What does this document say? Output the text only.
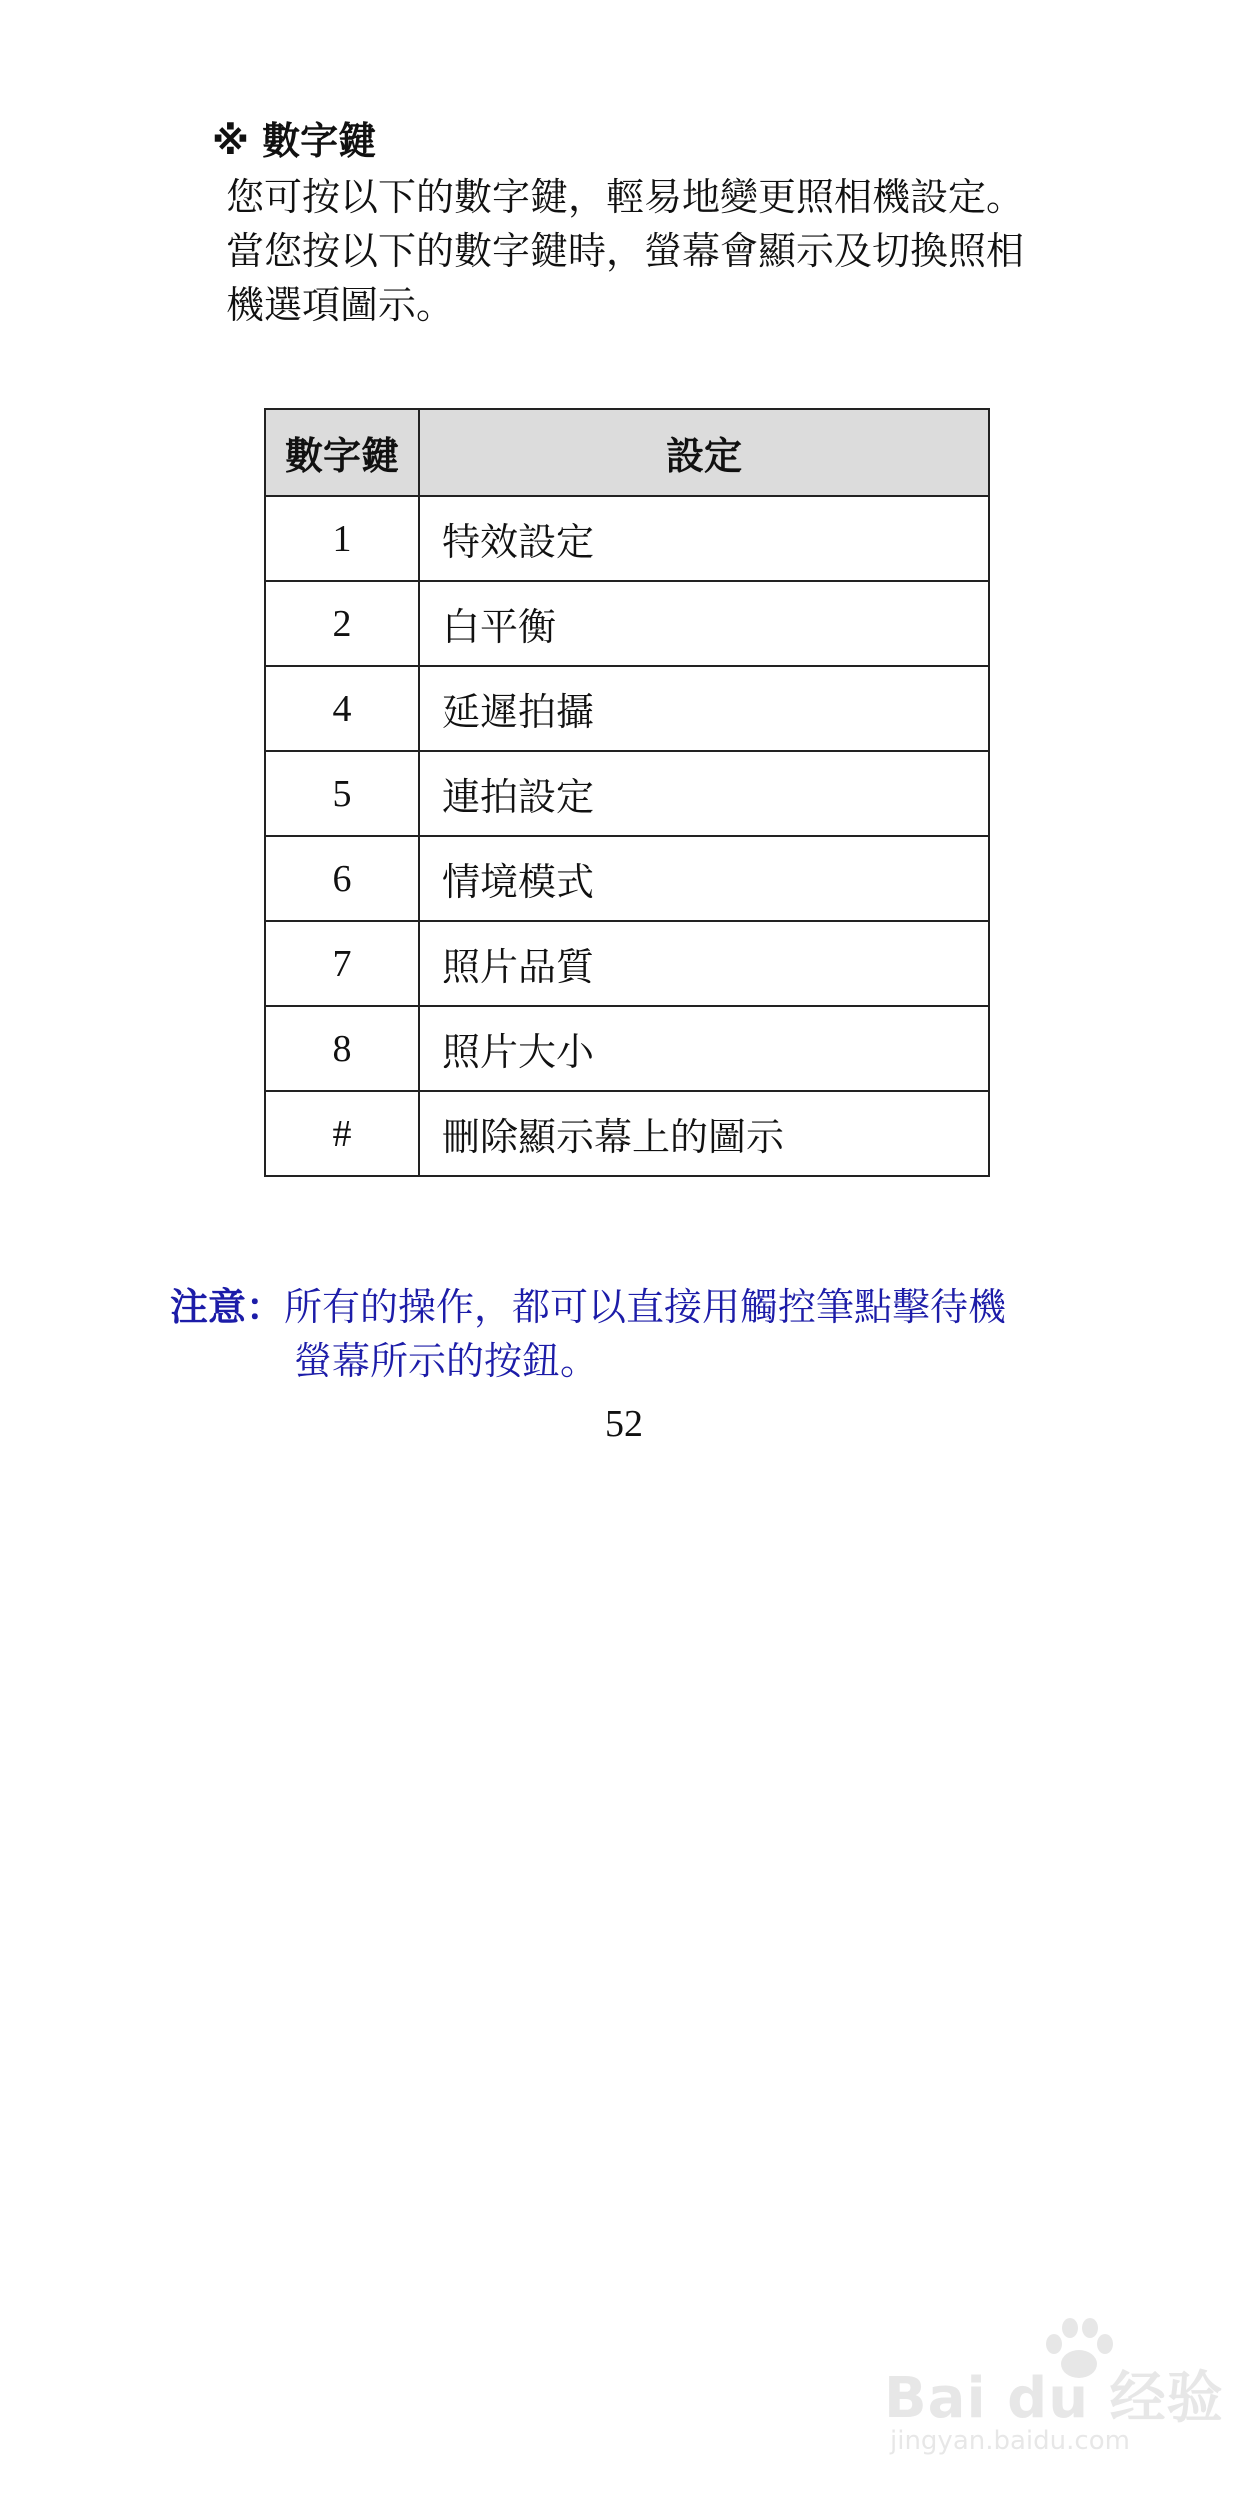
※ 數字鍵
您可按以下的數字鍵，輕易地變更照相機設定。
當您按以下的數字鍵時，螢幕會顯示及切換照相
機選項圖示。
數字鍵	設定
1	特效設定
2	白平衡
4	延遲拍攝
5	連拍設定
6	情境模式
7	照片品質
8	照片大小
#	刪除顯示幕上的圖示
注意：所有的操作，都可以直接用觸控筆點擊待機
螢幕所示的按鈕。
52
Bai du 经验
jingyan.baidu.com
